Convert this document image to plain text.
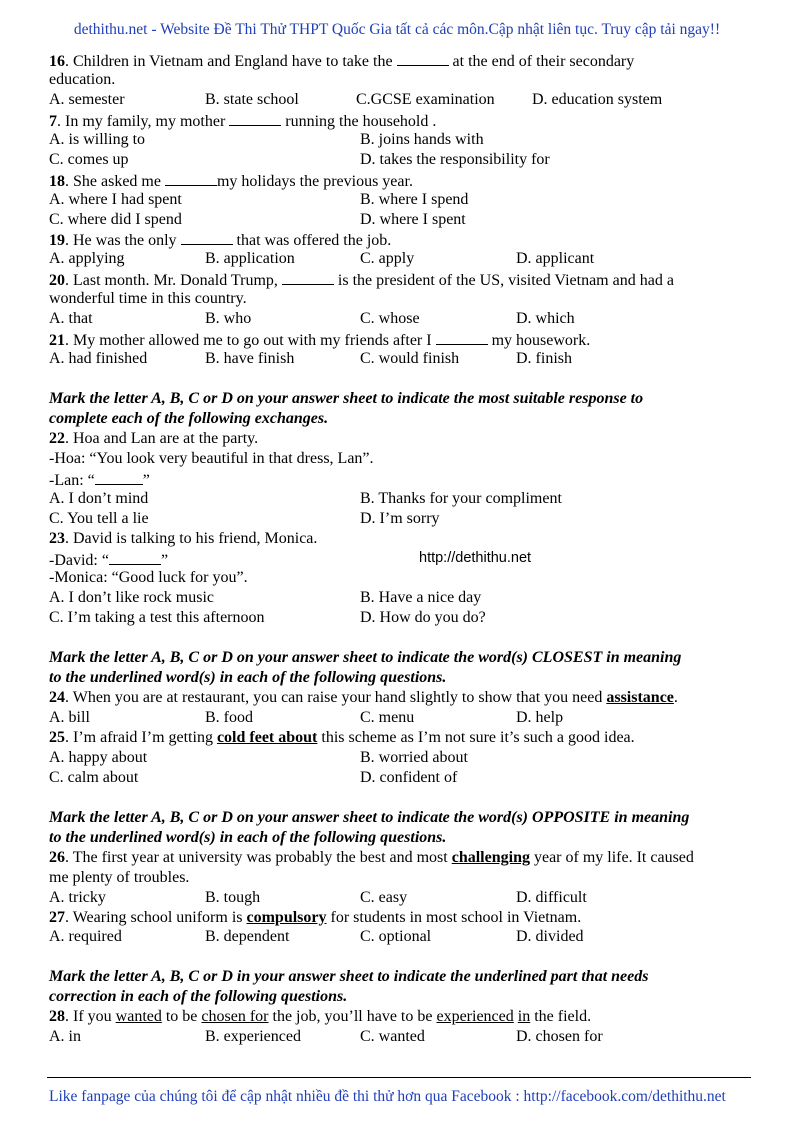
dethithu.net - Website Đề Thi Thử THPT Quốc Gia tất cả các môn.Cập nhật liên tục. Truy cập tải ngay!!
16. Children in Vietnam and England have to take the	at the end of their secondary
education.
A. semester	B. state school	C.GCSE examination D. education system
7. In my family, my mother	running the household .
A. is willing to	B. joins hands with
C. comes up	D. takes the responsibility for
18. She asked me	my holidays the previous year.
A. where I had spent	B. where I spend
C. where did I spend	D. where I spent
19. He was the only	that was offered the job.
A. applying	B. application	C. apply	D. applicant
20. Last month. Mr. Donald Trump,	is the president of the US, visited Vietnam and had a
wonderful time in this country.
A. that	B. who	C. whose	D. which
21. My mother allowed me to go out with my friends after I	my housework.
A. had finished	B. have finish	C. would finish	D. finish
Mark the letter A, B, C or D on your answer sheet to indicate the most suitable response to
complete each of the following exchanges.
22. Hoa and Lan are at the party.
-Hoa: “You look very beautiful in that dress, Lan”.
-Lan: “	”
A. I don’t mind	B. Thanks for your compliment
C. You tell a lie	D. I’m sorry
23. David is talking to his friend, Monica.
-David: “	”	http://dethithu.net
-Monica: “Good luck for you”.
A. I don’t like rock music	B. Have a nice day
C. I’m taking a test this afternoon	D. How do you do?
Mark the letter A, B, C or D on your answer sheet to indicate the word(s) CLOSEST in meaning
to the underlined word(s) in each of the following questions.
24. When you are at restaurant, you can raise your hand slightly to show that you need assistance.
A. bill	B. food	C. menu	D. help
25. I’m afraid I’m getting cold feet about this scheme as I’m not sure it’s such a good idea.
A. happy about	B. worried about
C. calm about	D. confident of
Mark the letter A, B, C or D on your answer sheet to indicate the word(s) OPPOSITE in meaning
to the underlined word(s) in each of the following questions.
26. The first year at university was probably the best and most challenging year of my life. It caused
me plenty of troubles.
A. tricky	B. tough	C. easy	D. difficult
27. Wearing school uniform is compulsory for students in most school in Vietnam.
A. required	B. dependent	C. optional	D. divided
Mark the letter A, B, C or D in your answer sheet to indicate the underlined part that needs
correction in each of the following questions.
28. If you wanted to be chosen for the job, you’ll have to be experienced in the field.
A. in	B. experienced	C. wanted	D. chosen for
Like fanpage của chúng tôi để cập nhật nhiều đề thi thử hơn qua Facebook : http://facebook.com/dethithu.net
